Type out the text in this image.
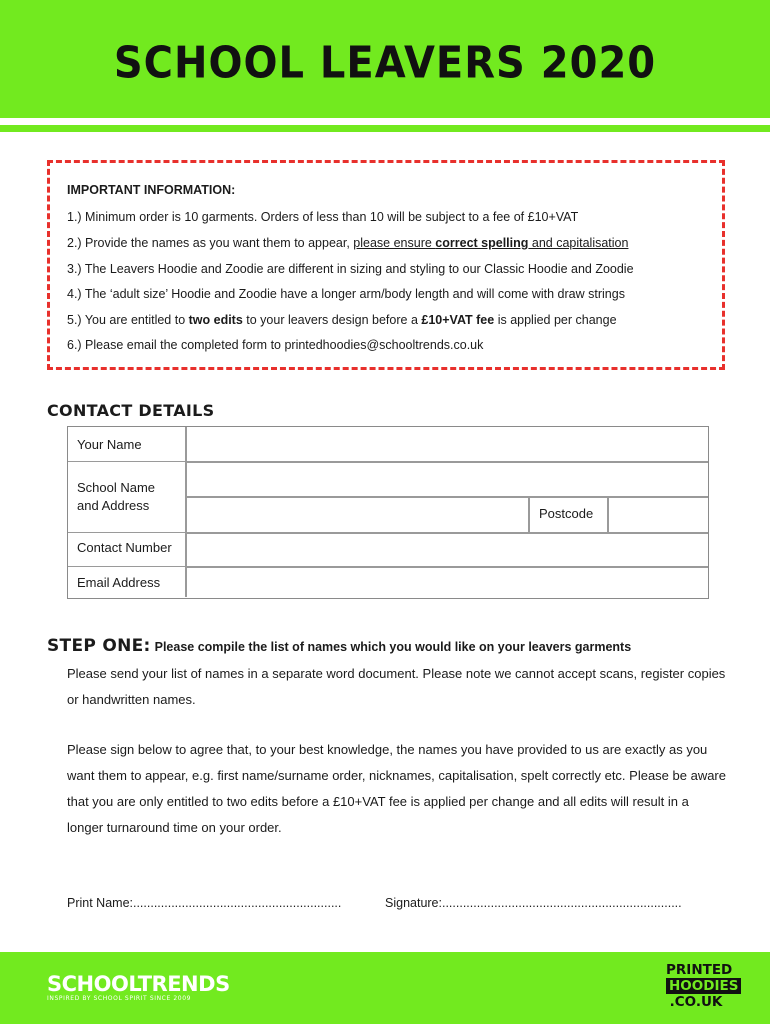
SCHOOL LEAVERS 2020
IMPORTANT INFORMATION:
1.) Minimum order is 10 garments. Orders of less than 10 will be subject to a fee of £10+VAT
2.) Provide the names as you want them to appear, please ensure correct spelling and capitalisation
3.) The Leavers Hoodie and Zoodie are different in sizing and styling to our Classic Hoodie and Zoodie
4.) The ‘adult size’ Hoodie and Zoodie have a longer arm/body length and will come with draw strings
5.) You are entitled to two edits to your leavers design before a £10+VAT fee is applied per change
6.) Please email the completed form to printedhoodies@schooltrends.co.uk
CONTACT DETAILS
Your Name
School Name
and Address
Contact Number
Email Address
Postcode
STEP ONE: Please compile the list of names which you would like on your leavers garments
Please send your list of names in a separate word document. Please note we cannot accept scans, register copies or handwritten names.
Please sign below to agree that, to your best knowledge, the names you have provided to us are exactly as you want them to appear, e.g. first name/surname order, nicknames, capitalisation, spelt correctly etc. Please be aware that you are only entitled to two edits before a £10+VAT fee is applied per change and all edits will result in a longer turnaround time on your order.
Print Name:............................................................	Signature:.....................................................................
SCHOOLTRENDS
INSPIRED BY SCHOOL SPIRIT SINCE 2009
PRINTED
HOODIES
.CO.UK
